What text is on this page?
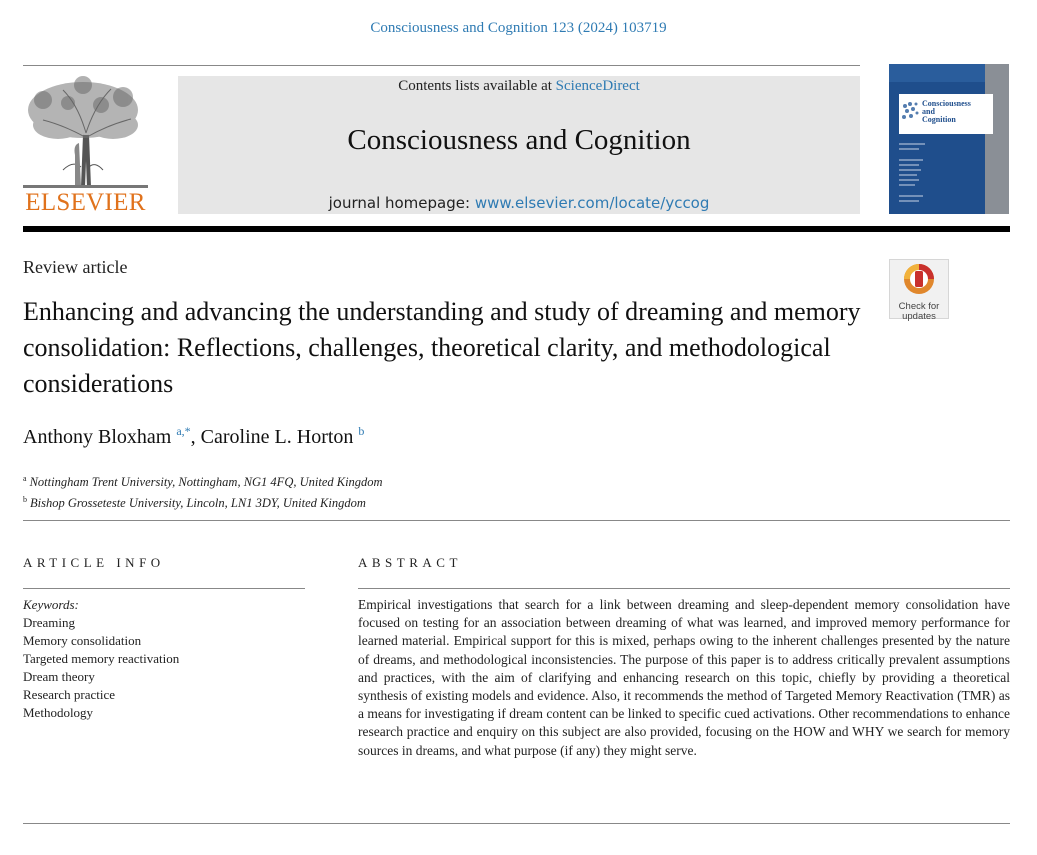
Consciousness and Cognition 123 (2024) 103719
ELSEVIER
Contents lists available at ScienceDirect
Consciousness and Cognition
journal homepage: www.elsevier.com/locate/yccog
Consciousness
and
Cognition
Review article
Check for updates
Enhancing and advancing the understanding and study of dreaming and memory consolidation: Reflections, challenges, theoretical clarity, and methodological considerations
Anthony Bloxham $^{a,*}$, Caroline L. Horton $^b$
$^a$ Nottingham Trent University, Nottingham, NG1 4FQ, United Kingdom
$^b$ Bishop Grosseteste University, Lincoln, LN1 3DY, United Kingdom
ARTICLE INFO	ABSTRACT
Keywords:
Dreaming
Memory consolidation
Targeted memory reactivation
Dream theory
Research practice
Methodology

Empirical investigations that search for a link between dreaming and sleep-dependent memory consolidation have focused on testing for an association between dreaming of what was learned, and improved memory performance for learned material. Empirical support for this is mixed, perhaps owing to the inherent challenges presented by the nature of dreams, and methodological inconsistencies. The purpose of this paper is to address critically prevalent assumptions and practices, with the aim of clarifying and enhancing research on this topic, chiefly by providing a theoretical synthesis of existing models and evidence. Also, it recommends the method of Targeted Memory Reactivation (TMR) as a means for investigating if dream content can be linked to specific cued activations. Other recommendations to enhance research practice and enquiry on this subject are also provided, focusing on the HOW and WHY we search for memory sources in dreams, and what purpose (if any) they might serve.
